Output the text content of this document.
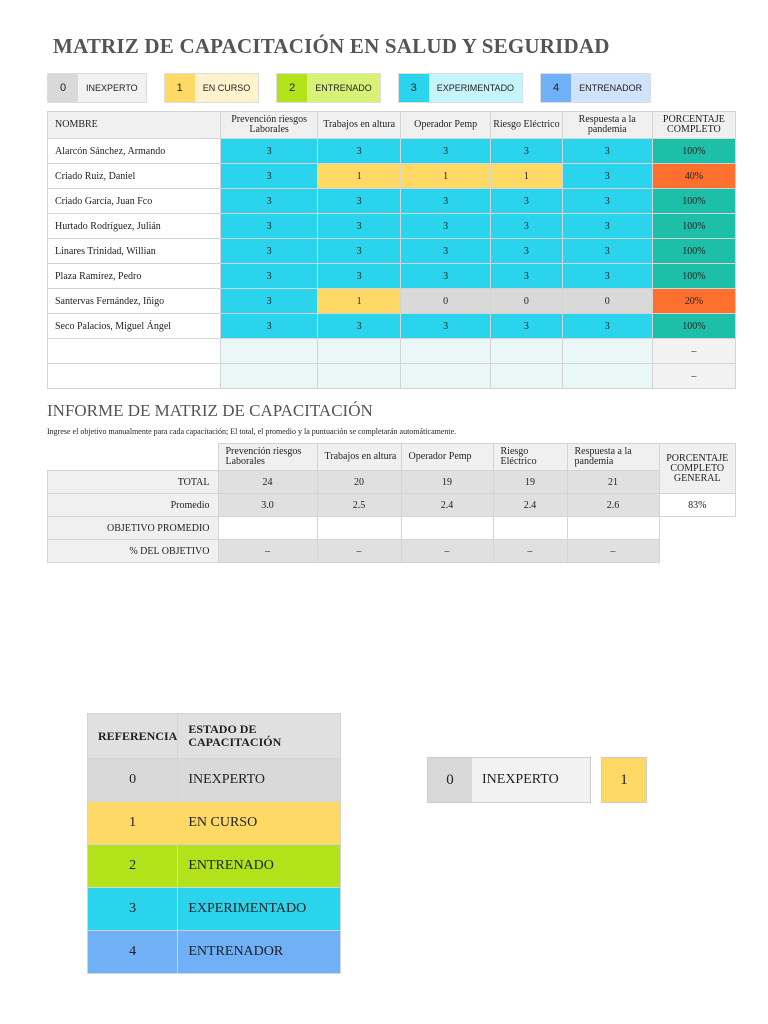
MATRIZ DE CAPACITACIÓN EN SALUD Y SEGURIDAD
0	INEXPERTO	1	EN CURSO	2	ENTRENADO	3	EXPERIMENTADO	4	ENTRENADOR
NOMBRE	Prevención riesgos Laborales	Trabajos en altura	Operador Pemp	Riesgo Eléctrico	Respuesta a la pandemia	PORCENTAJE COMPLETO
Alarcón Sánchez, Armando	3	3	3	3	3	100%
Criado Ruiz, Daniel	3	1	1	1	3	40%
Criado García, Juan Fco	3	3	3	3	3	100%
Hurtado Rodríguez, Julián	3	3	3	3	3	100%
Linares Trinidad, Willian	3	3	3	3	3	100%
Plaza Ramírez, Pedro	3	3	3	3	3	100%
Santervas Fernández, Iñigo	3	1	0	0	0	20%
Seco Palacios, Miguel Ángel	3	3	3	3	3	100%
						–
						–
INFORME DE MATRIZ DE CAPACITACIÓN
Ingrese el objetivo manualmente para cada capacitación; El total, el promedio y la puntuación se completarán automáticamente.
	Prevención riesgos Laborales	Trabajos en altura	Operador Pemp	Riesgo Eléctrico	Respuesta a la pandemia	PORCENTAJE COMPLETO GENERAL
TOTAL	24	20	19	19	21	
Promedio	3.0	2.5	2.4	2.4	2.6	83%
OBJETIVO PROMEDIO						
% DEL OBJETIVO	–	–	–	–	–	
REFERENCIA	ESTADO DE CAPACITACIÓN
0	INEXPERTO
1	EN CURSO
2	ENTRENADO
3	EXPERIMENTADO
4	ENTRENADOR
0	INEXPERTO	1
